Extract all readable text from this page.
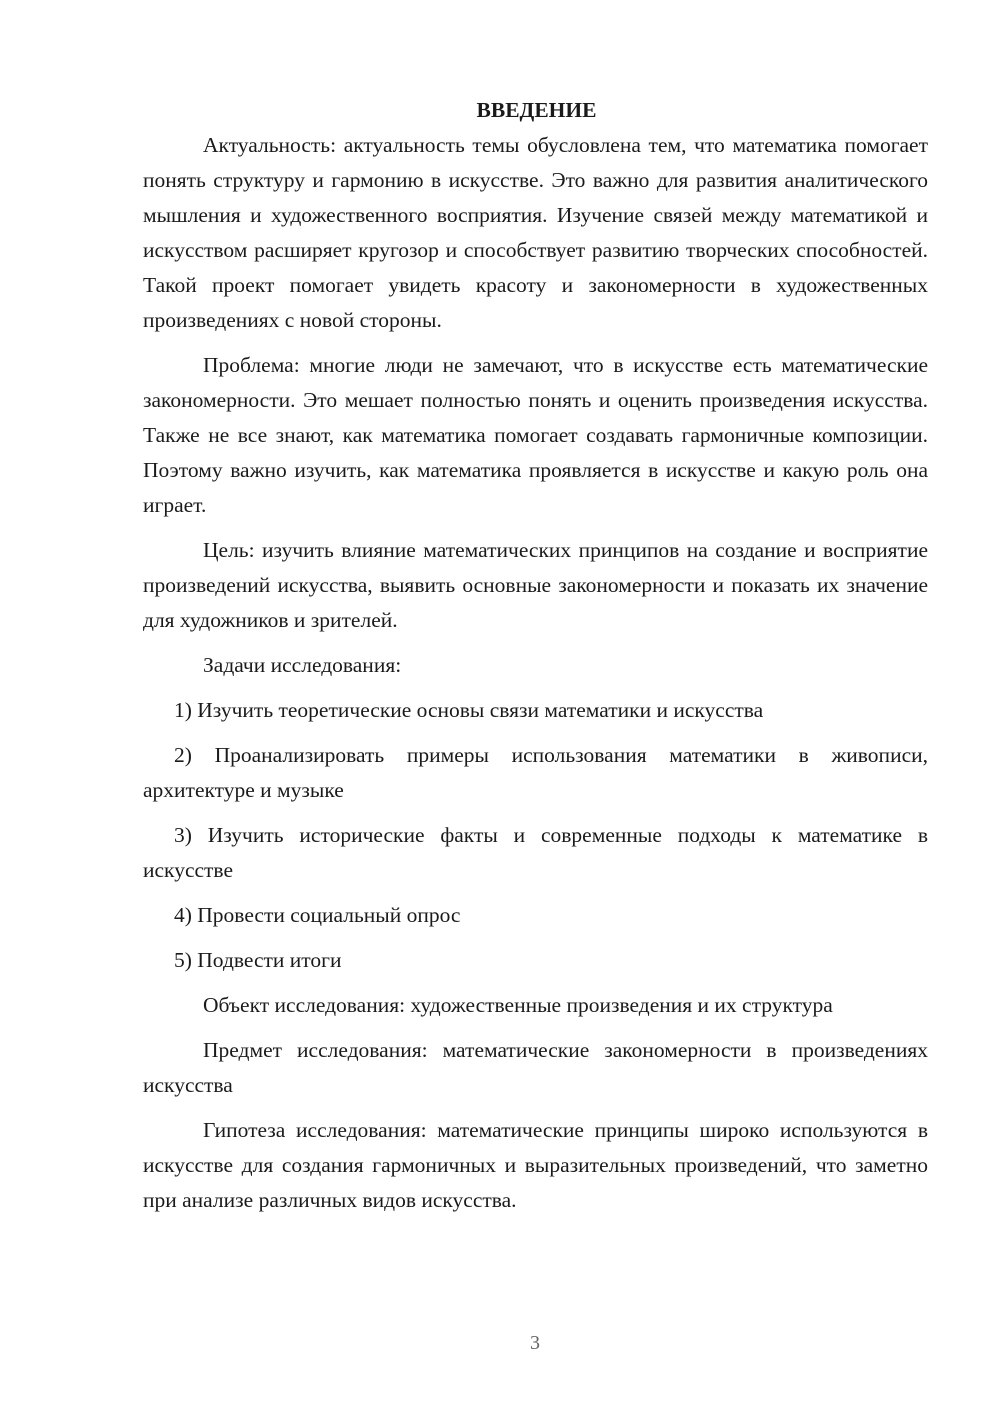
ВВЕДЕНИЕ

Актуальность: актуальность темы обусловлена тем, что математика помогает понять структуру и гармонию в искусстве. Это важно для развития аналитического мышления и художественного восприятия. Изучение связей между математикой и искусством расширяет кругозор и способствует развитию творческих способностей. Такой проект помогает увидеть красоту и закономерности в художественных произведениях с новой стороны.

Проблема: многие люди не замечают, что в искусстве есть математические закономерности. Это мешает полностью понять и оценить произведения искусства. Также не все знают, как математика помогает создавать гармоничные композиции. Поэтому важно изучить, как математика проявляется в искусстве и какую роль она играет.

Цель: изучить влияние математических принципов на создание и восприятие произведений искусства, выявить основные закономерности и показать их значение для художников и зрителей.

Задачи исследования:

1) Изучить теоретические основы связи математики и искусства

2) Проанализировать примеры использования математики в живописи, архитектуре и музыке

3) Изучить исторические факты и современные подходы к математике в искусстве

4) Провести социальный опрос

5) Подвести итоги

Объект исследования: художественные произведения и их структура

Предмет исследования: математические закономерности в произведениях искусства

Гипотеза исследования: математические принципы широко используются в искусстве для создания гармоничных и выразительных произведений, что заметно при анализе различных видов искусства.

3
